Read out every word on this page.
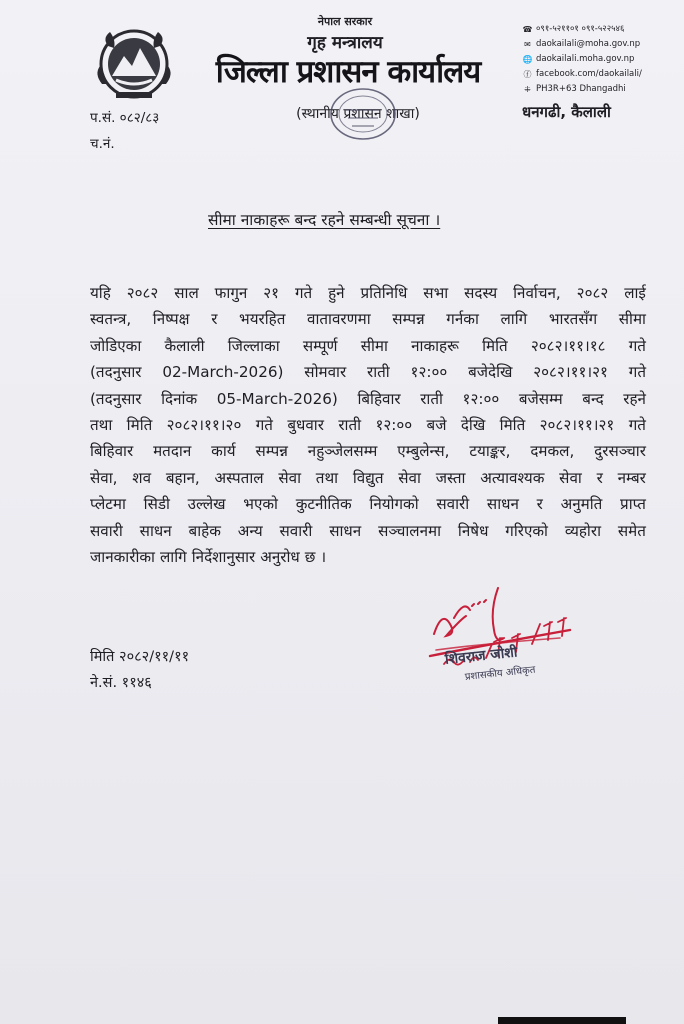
नेपाल सरकार
गृह मन्त्रालय
जिल्ला प्रशासन कार्यालय
(स्थानीय प्रशासन शाखा)
☎ ०९१-५२११०१ ०९१-५२२५४६
✉ daokailali@moha.gov.np
🌐 daokailali.moha.gov.np
ⓕ facebook.com/daokailali/
⁜ PH3R+63 Dhangadhi
धनगढी, कैलाली
प.सं. ०८२/८३
च.नं.
सीमा नाकाहरू बन्द रहने सम्बन्धी सूचना ।
यहि २०८२ साल फागुन २१ गते हुने प्रतिनिधि सभा सदस्य निर्वाचन, २०८२ लाई
स्वतन्त्र, निष्पक्ष र भयरहित वातावरणमा सम्पन्न गर्नका लागि भारतसँग सीमा
जोडिएका कैलाली जिल्लाका सम्पूर्ण सीमा नाकाहरू मिति २०८२।११।१८ गते
(तदनुसार 02-March-2026) सोमवार राती १२:०० बजेदेखि २०८२।११।२१ गते
(तदनुसार दिनांक 05-March-2026) बिहिवार राती १२:०० बजेसम्म बन्द रहने
तथा मिति २०८२।११।२० गते बुधवार राती १२:०० बजे देखि मिति २०८२।११।२१ गते
बिहिवार मतदान कार्य सम्पन्न नहुञ्जेलसम्म एम्बुलेन्स, टयाङ्कर, दमकल, दुरसञ्चार
सेवा, शव बहान, अस्पताल सेवा तथा विद्युत सेवा जस्ता अत्यावश्यक सेवा र नम्बर
प्लेटमा सिडी उल्लेख भएको कुटनीतिक नियोगको सवारी साधन र अनुमति प्राप्त
सवारी साधन बाहेक अन्य सवारी साधन सञ्चालनमा निषेध गरिएको व्यहोरा समेत
जानकारीका लागि निर्देशानुसार अनुरोध छ ।
मिति २०८२/११/११
ने.सं. ११४६
शिवराज जोशी
प्रशासकीय अधिकृत
